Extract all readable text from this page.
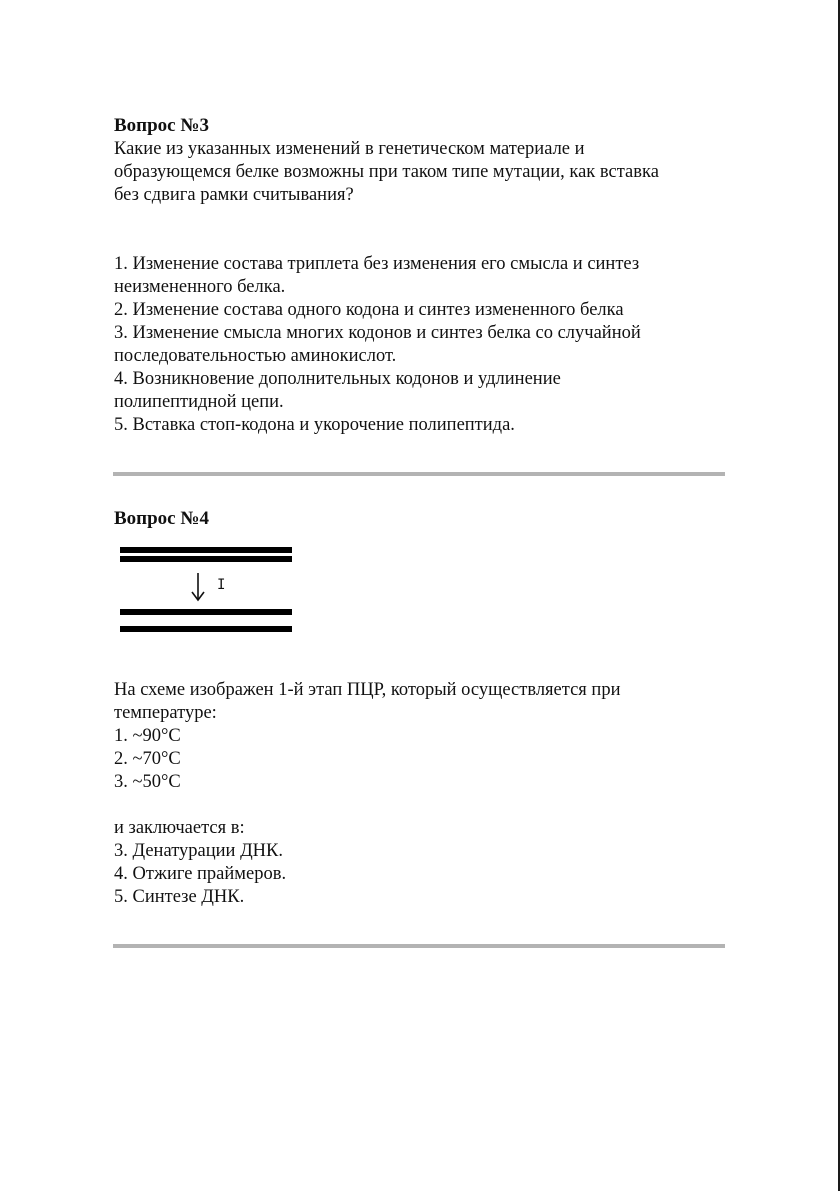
Вопрос №3

Какие из указанных изменений в генетическом материале и

образующемся белке возможны при таком типе мутации, как вставка

без сдвига рамки считывания?

1. Изменение состава триплета без изменения его смысла и синтез

неизмененного белка.

2. Изменение состава одного кодона и синтез измененного белка

3. Изменение смысла многих кодонов и синтез белка со случайной

последовательностью аминокислот.

4. Возникновение дополнительных кодонов и удлинение

полипептидной цепи.

5. Вставка стоп-кодона и укорочение полипептида.

Вопрос №4
I

На схеме изображен 1-й этап ПЦР, который осуществляется при

температуре:

1. ~90°С

2. ~70°С

3. ~50°С

и заключается в:

3. Денатурации ДНК.

4. Отжиге праймеров.

5. Синтезе ДНК.
